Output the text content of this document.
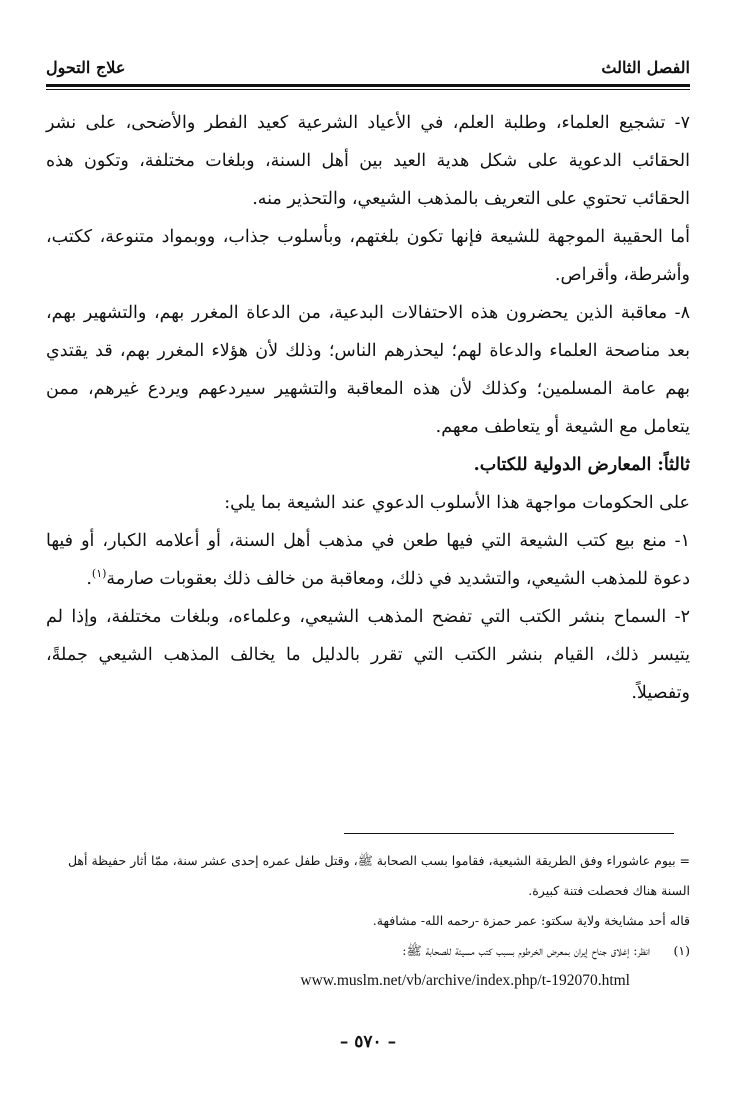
الفصل الثالث
علاج التحول

٧- تشجيع العلماء، وطلبة العلم، في الأعياد الشرعية كعيد الفطر والأضحى، على نشر الحقائب الدعوية على شكل هدية العيد بين أهل السنة، وبلغات مختلفة، وتكون هذه الحقائب تحتوي على التعريف بالمذهب الشيعي، والتحذير منه.

أما الحقيبة الموجهة للشيعة فإنها تكون بلغتهم، وبأسلوب جذاب، ووبمواد متنوعة، ككتب، وأشرطة، وأقراص.

٨- معاقبة الذين يحضرون هذه الاحتفالات البدعية، من الدعاة المغرر بهم، والتشهير بهم، بعد مناصحة العلماء والدعاة لهم؛ ليحذرهم الناس؛ وذلك لأن هؤلاء المغرر بهم، قد يقتدي بهم عامة المسلمين؛ وكذلك لأن هذه المعاقبة والتشهير سيردعهم ويردع غيرهم، ممن يتعامل مع الشيعة أو يتعاطف معهم.

ثالثاً: المعارض الدولية للكتاب.

على الحكومات مواجهة هذا الأسلوب الدعوي عند الشيعة بما يلي:

١- منع بيع كتب الشيعة التي فيها طعن في مذهب أهل السنة، أو أعلامه الكبار، أو فيها دعوة للمذهب الشيعي، والتشديد في ذلك، ومعاقبة من خالف ذلك بعقوبات صارمة$^{(١)}$.

٢- السماح بنشر الكتب التي تفضح المذهب الشيعي، وعلماءه، وبلغات مختلفة، وإذا لم يتيسر ذلك، القيام بنشر الكتب التي تقرر بالدليل ما يخالف المذهب الشيعي جملةً، وتفصيلاً.

= بيوم عاشوراء وفق الطريقة الشيعية، فقاموا بسب الصحابة ﷺ، وقتل طفل عمره إحدى عشر سنة، ممّا أثار حفيظة أهل السنة هناك فحصلت فتنة كبيرة.

قاله أحد مشايخة ولاية سكتو: عمر حمزة -رحمه الله- مشافهة.

(١)انظر: إغلاق جناح إيران بمعرض الخرطوم بسبب كتب مسيئة للصحابة ﷺ:

www.muslm.net/vb/archive/index.php/t-192070.html
– ٥٧٠ –
